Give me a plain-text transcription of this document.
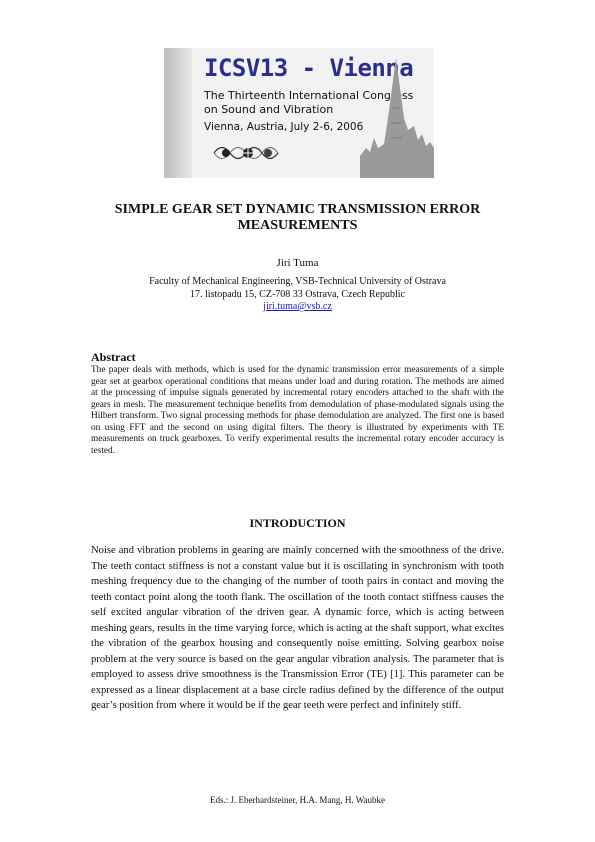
ICSV13 - Vienna
The Thirteenth International Congress
on Sound and Vibration
Vienna, Austria, July 2-6, 2006
SIMPLE GEAR SET DYNAMIC TRANSMISSION ERROR
MEASUREMENTS
Jiri Tuma
Faculty of Mechanical Engineering, VSB-Technical University of Ostrava
17. listopadu 15, CZ-708 33 Ostrava, Czech Republic
jiri.tuma@vsb.cz
Abstract
The paper deals with methods, which is used for the dynamic transmission error measurements of a simple gear set at gearbox operational conditions that means under load and during rotation. The methods are aimed at the processing of impulse signals generated by incremental rotary encoders attached to the shaft with the gears in mesh. The measurement technique benefits from demodulation of phase-modulated signals using the Hilbert transform. Two signal processing methods for phase demodulation are analyzed. The first one is based on using FFT and the second on using digital filters. The theory is illustrated by experiments with TE measurements on truck gearboxes. To verify experimental results the incremental rotary encoder accuracy is tested.
INTRODUCTION
Noise and vibration problems in gearing are mainly concerned with the smoothness of the drive. The teeth contact stiffness is not a constant value but it is oscillating in synchronism with tooth meshing frequency due to the changing of the number of tooth pairs in contact and moving the teeth contact point along the tooth flank. The oscillation of the tooth contact stiffness causes the self excited angular vibration of the driven gear. A dynamic force, which is acting between meshing gears, results in the time varying force, which is acting at the shaft support, what excites the vibration of the gearbox housing and consequently noise emitting. Solving gearbox noise problem at the very source is based on the gear angular vibration analysis. The parameter that is employed to assess drive smoothness is the Transmission Error (TE) [1]. This parameter can be expressed as a linear displacement at a base circle radius defined by the difference of the output gear’s position from where it would be if the gear teeth were perfect and infinitely stiff.
Eds.: J. Eberhardsteiner, H.A. Mang, H. Waubke
